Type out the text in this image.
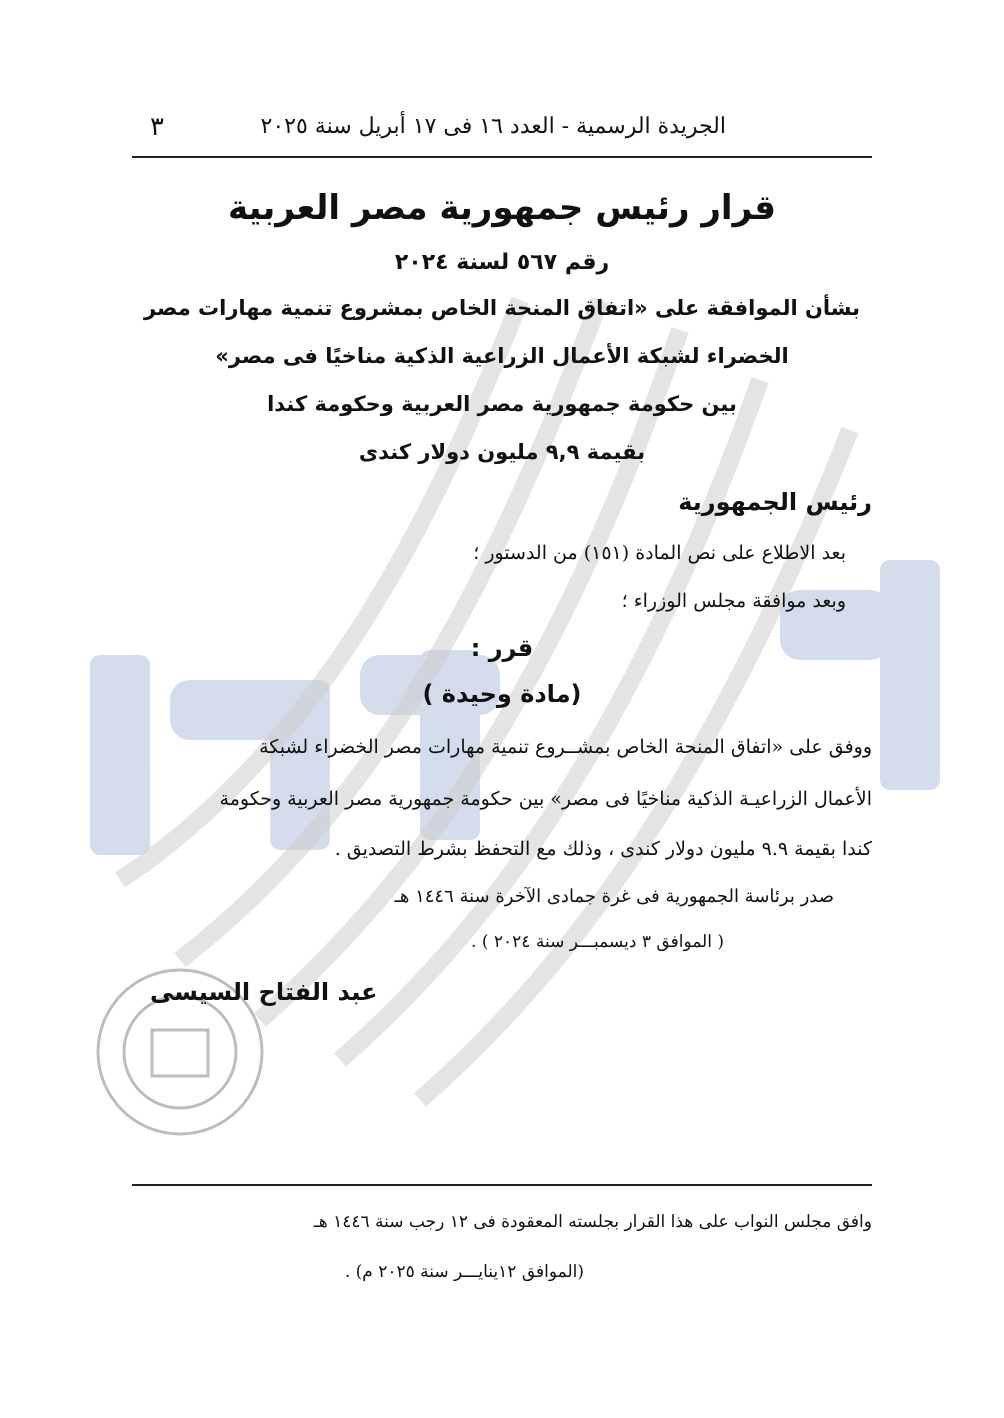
الجريدة الرسمية - العدد ١٦ فى ١٧ أبريل سنة ٢٠٢٥
٣
قرار رئيس جمهورية مصر العربية
رقم ٥٦٧ لسنة ٢٠٢٤
بشأن الموافقة على «اتفاق المنحة الخاص بمشروع تنمية مهارات مصر
الخضراء لشبكة الأعمال الزراعية الذكية مناخيًا فى مصر»
بين حكومة جمهورية مصر العربية وحكومة كندا
بقيمة ٩,٩ مليون دولار كندى
رئيس الجمهورية
بعد الاطلاع على نص المادة (١٥١) من الدستور ؛
وبعد موافقة مجلس الوزراء ؛
قرر :
(مادة وحيدة )
ووفق على «اتفاق المنحة الخاص بمشــروع تنمية مهارات مصر الخضراء لشبكة
الأعمال الزراعيـة الذكية مناخيًا فى مصر» بين حكومة جمهورية مصر العربية وحكومة
كندا بقيمة ٩.٩ مليون دولار كندى ، وذلك مع التحفظ بشرط التصديق .
صدر برئاسة الجمهورية فى غرة جمادى الآخرة سنة ١٤٤٦ هـ
( الموافق ٣ ديسمبـــر سنة ٢٠٢٤ ) .
عبد الفتاح السيسى
وافق مجلس النواب على هذا القرار بجلسته المعقودة فى ١٢ رجب سنة ١٤٤٦ هـ
(الموافق ١٢ينايـــر سنة ٢٠٢٥ م) .
